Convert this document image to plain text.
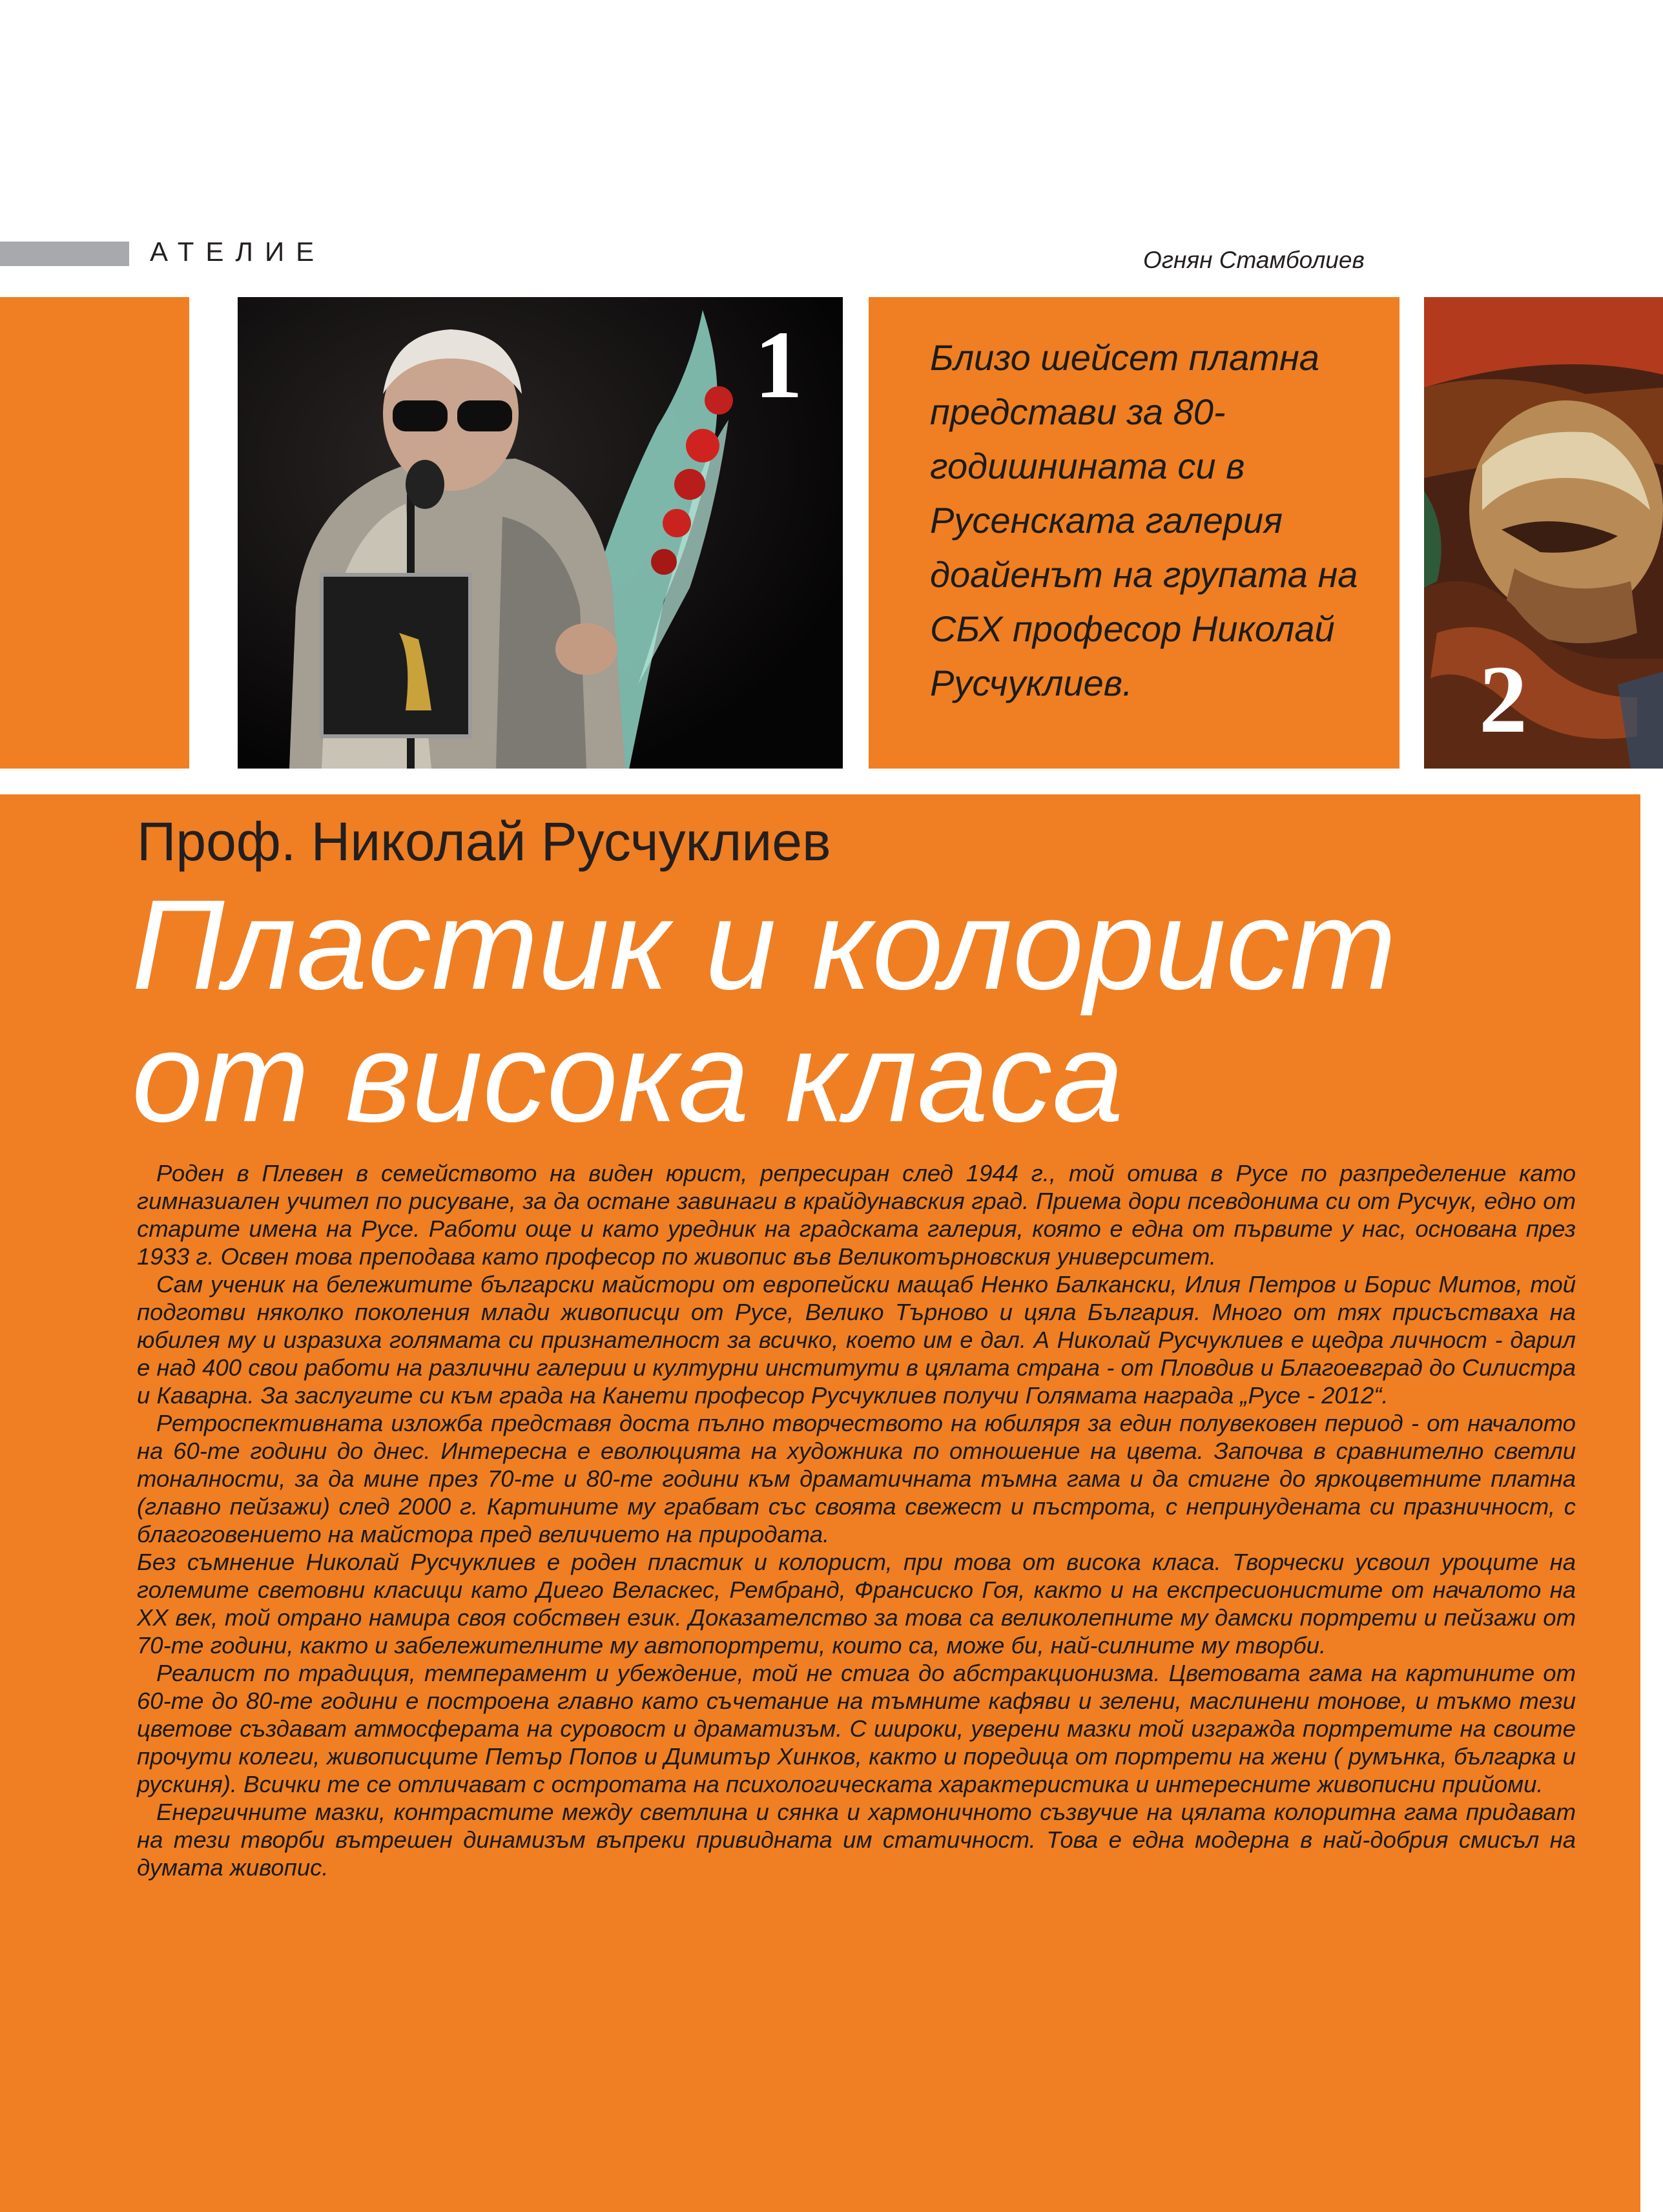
АТЕЛИЕ	Огнян Стамболиев
1	Близо шейсет платна представи за 80-годишнината си в Русенската галерия доайенът на групата на СБХ професор Николай Русчуклиев.	2
Проф. Николай Русчуклиев
Пластик и колорист
от висока класа

Роден в Плевен в семейството на виден юрист, репресиран след 1944 г., той отива в Русе по разпределение като гимназиален учител по рисуване, за да остане завинаги в крайдунавския град. Приема дори псевдонима си от Русчук, едно от старите имена на Русе. Работи още и като уредник на градската галерия, която е една от първите у нас, основана през 1933 г. Освен това преподава като професор по живопис във Великотърновския университет.

Сам ученик на бележитите български майстори от европейски мащаб Ненко Балкански, Илия Петров и Борис Митов, той подготви няколко поколения млади живописци от Русе, Велико Търново и цяла България. Много от тях присъстваха на юбилея му и изразиха голямата си признателност за всичко, което им е дал. А Николай Русчуклиев е щедра личност - дарил е над 400 свои работи на различни галерии и културни институти в цялата страна - от Пловдив и Благоевград до Силистра и Каварна. За заслугите си към града на Канети професор Русчуклиев получи Голямата награда „Русе - 2012“.

Ретроспективната изложба представя доста пълно творчеството на юбиляря за един полувековен период - от началото на 60-те години до днес. Интересна е еволюцията на художника по отношение на цвета. Започва в сравнително светли тоналности, за да мине през 70-те и 80-те години към драматичната тъмна гама и да стигне до яркоцветните платна (главно пейзажи) след 2000 г. Картините му грабват със своята свежест и пъстрота, с непринудената си празничност, с благоговението на майстора пред величието на природата.

Без съмнение Николай Русчуклиев е роден пластик и колорист, при това от висока класа. Творчески усвоил уроците на големите световни класици като Диего Веласкес, Рембранд, Франсиско Гоя, както и на експресионистите от началото на XX век, той отрано намира своя собствен език. Доказателство за това са великолепните му дамски портрети и пейзажи от 70-те години, както и забележителните му автопортрети, които са, може би, най-силните му творби.

Реалист по традиция, темперамент и убеждение, той не стига до абстракционизма. Цветовата гама на картините от 60-те до 80-те години е построена главно като съчетание на тъмните кафяви и зелени, маслинени тонове, и тъкмо тези цветове създават атмосферата на суровост и драматизъм. С широки, уверени мазки той изгражда портретите на своите прочути колеги, живописците Петър Попов и Димитър Хинков, както и поредица от портрети на жени ( румънка, българка и рускиня). Всички те се отличават с остротата на психологическата характеристика и интересните живописни прийоми.

Енергичните мазки, контрастите между светлина и сянка и хармоничното съзвучие на цялата колоритна гама придават на тези творби вътрешен динамизъм въпреки привидната им статичност. Това е една модерна в най-добрия смисъл на думата живопис.
